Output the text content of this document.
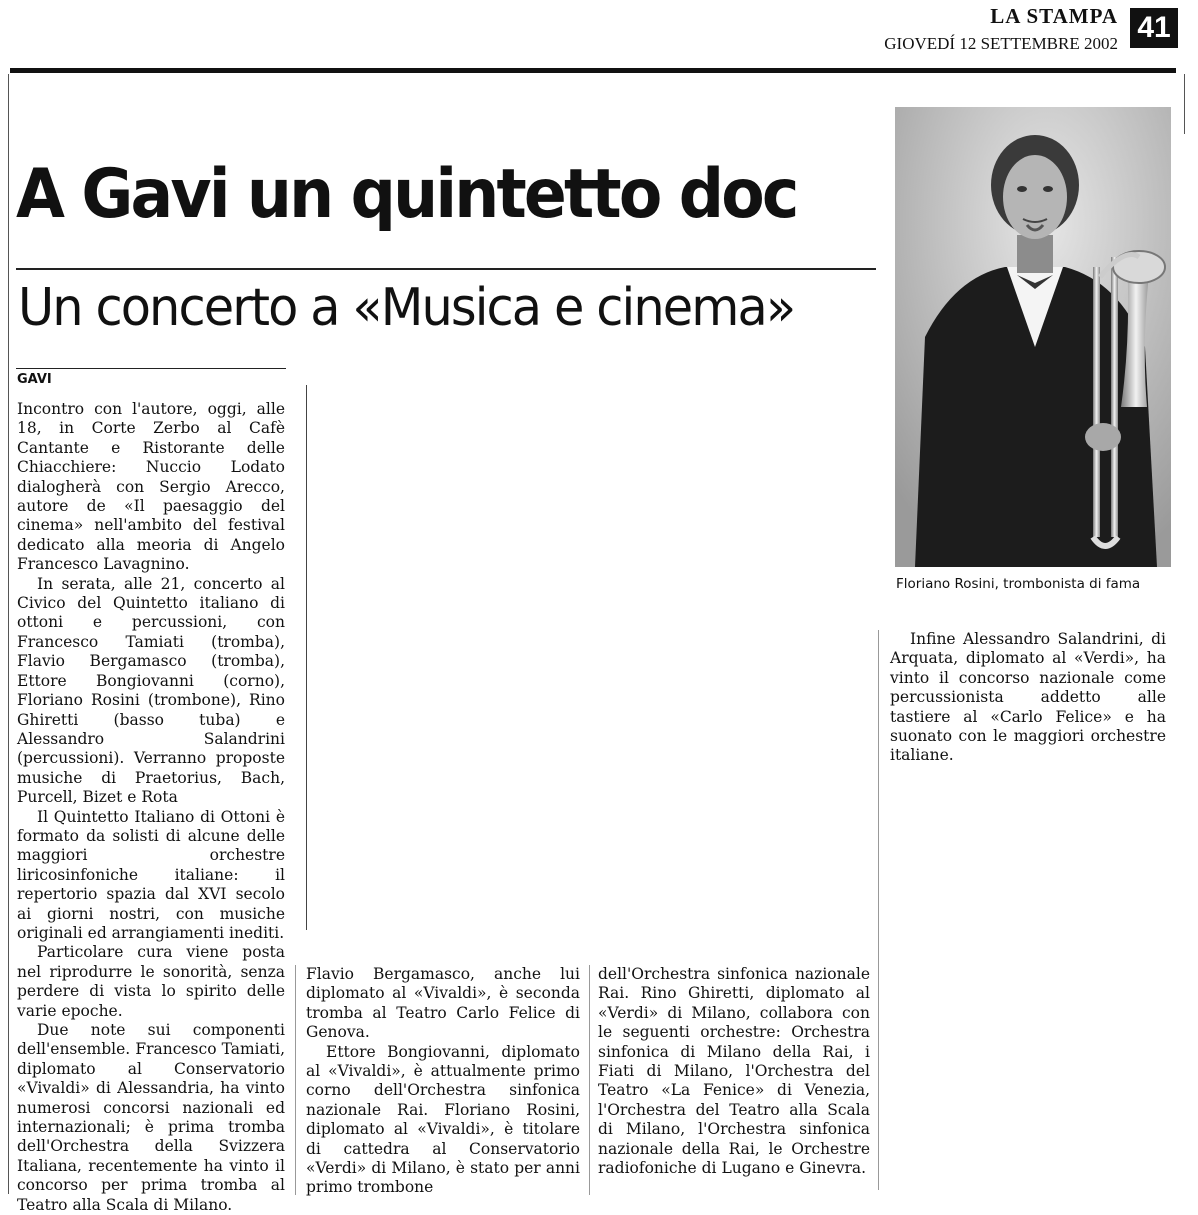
LA STAMPA
GIOVEDÍ 12 SETTEMBRE 2002 41
A Gavi un quintetto doc
Un concerto a «Musica e cinema»
GAVI

Incontro con l'autore, oggi, alle 18, in Corte Zerbo al Cafè Cantante e Ristorante delle Chiacchiere: Nuccio Lodato dialogherà con Sergio Arecco, autore de «Il paesaggio del cinema» nell'ambito del festival dedicato alla meoria di Angelo Francesco Lavagnino.

In serata, alle 21, concerto al Civico del Quintetto italiano di ottoni e percussioni, con Francesco Tamiati (tromba), Flavio Bergamasco (tromba), Ettore Bongiovanni (corno), Floriano Rosini (trombone), Rino Ghiretti (basso tuba) e Alessandro Salandrini (percussioni). Verranno proposte musiche di Praetorius, Bach, Purcell, Bizet e Rota

Il Quintetto Italiano di Ottoni è formato da solisti di alcune delle maggiori orchestre liricosinfoniche italiane: il repertorio spazia dal XVI secolo ai giorni nostri, con musiche originali ed arrangiamenti inediti.

Particolare cura viene posta nel riprodurre le sonorità, senza perdere di vista lo spirito delle varie epoche.

Due note sui componenti dell'ensemble. Francesco Tamiati, diplomato al Conservatorio «Vivaldi» di Alessandria, ha vinto numerosi concorsi nazionali ed internazionali; è prima tromba dell'Orchestra della Svizzera Italiana, recentemente ha vinto il concorso per prima tromba al Teatro alla Scala di Milano.

Flavio Bergamasco, anche lui diplomato al «Vivaldi», è seconda tromba al Teatro Carlo Felice di Genova.

Ettore Bongiovanni, diplomato al «Vivaldi», è attualmente primo corno dell'Orchestra sinfonica nazionale Rai. Floriano Rosini, diplomato al «Vivaldi», è titolare di cattedra al Conservatorio «Verdi» di Milano, è stato per anni primo trombone

dell'Orchestra sinfonica nazionale Rai. Rino Ghiretti, diplomato al «Verdi» di Milano, collabora con le seguenti orchestre: Orchestra sinfonica di Milano della Rai, i Fiati di Milano, l'Orchestra del Teatro «La Fenice» di Venezia, l'Orchestra del Teatro alla Scala di Milano, l'Orchestra sinfonica nazionale della Rai, le Orchestre radiofoniche di Lugano e Ginevra.

Infine Alessandro Salandrini, di Arquata, diplomato al «Verdi», ha vinto il concorso nazionale come percussionista addetto alle tastiere al «Carlo Felice» e ha suonato con le maggiori orchestre italiane.

Floriano Rosini, trombonista di fama
